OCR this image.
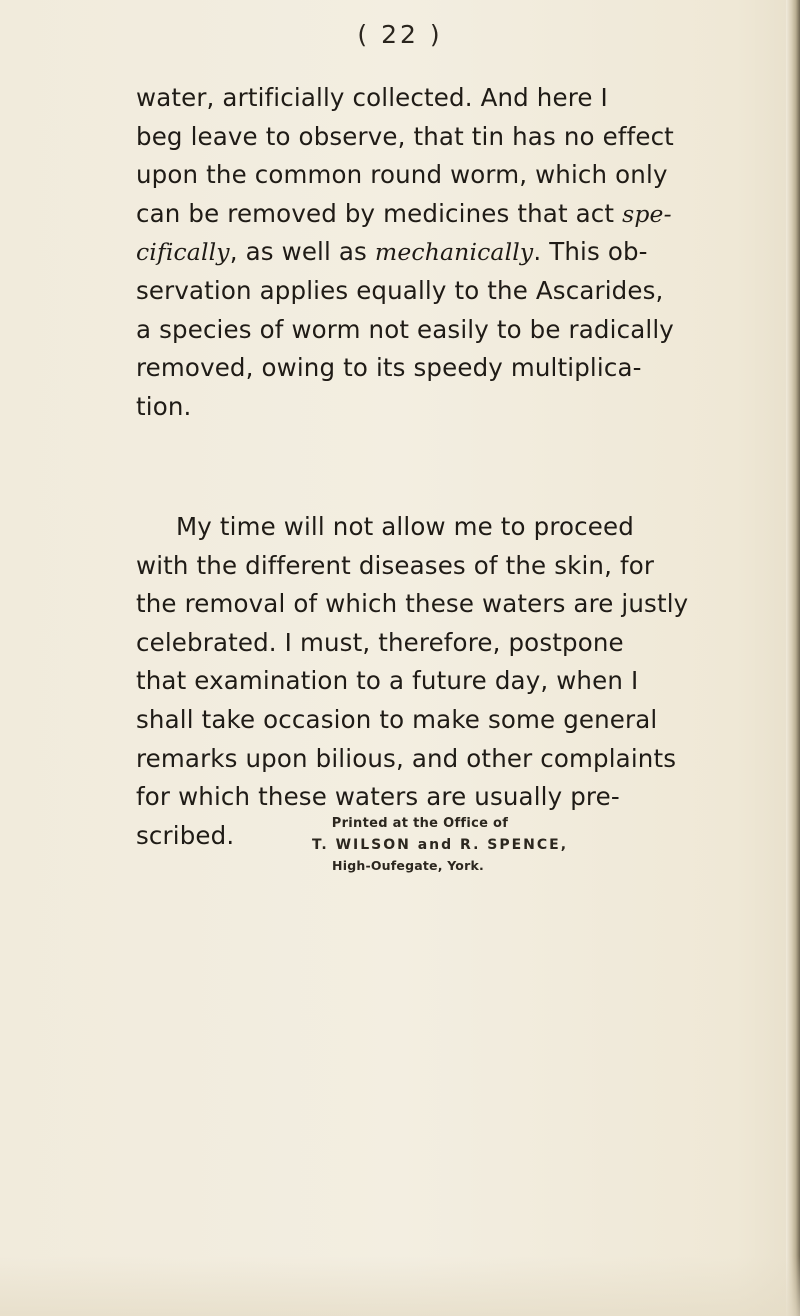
( 22 )
water, artificially collected. And here I
beg leave to observe, that tin has no effect
upon the common round worm, which only
can be removed by medicines that act spe-
cifically, as well as mechanically. This ob-
servation applies equally to the Ascarides,
a species of worm not easily to be radically
removed, owing to its speedy multiplica-
tion.
My time will not allow me to proceed
with the different diseases of the skin, for
the removal of which these waters are justly
celebrated. I must, therefore, postpone
that examination to a future day, when I
shall take occasion to make some general
remarks upon bilious, and other complaints
for which these waters are usually pre-
scribed.	Printed at the Office of
T. WILSON and R. SPENCE,
High-Oufegate, York.
